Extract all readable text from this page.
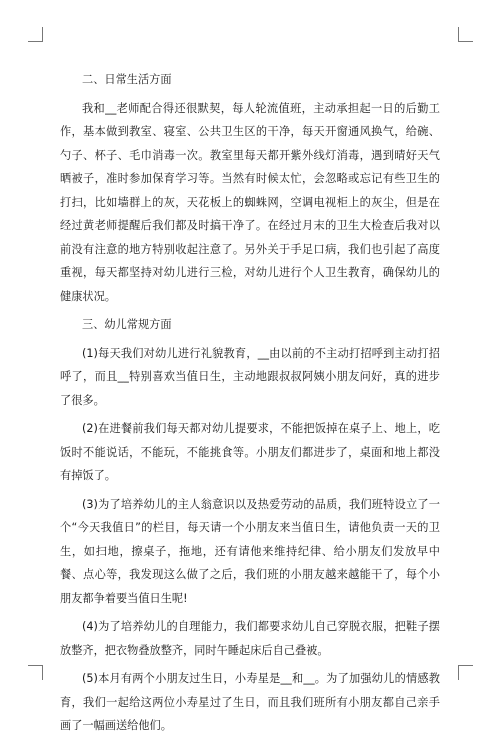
二、日常生活方面

我和__老师配合得还很默契，每人轮流值班，主动承担起一日的后勤工作，基本做到教室、寝室、公共卫生区的干净，每天开窗通风换气，给碗、勺子、杯子、毛巾消毒一次。教室里每天都开紫外线灯消毒，遇到晴好天气晒被子，准时参加保育学习等。当然有时候太忙，会忽略或忘记有些卫生的打扫，比如墙群上的灰，天花板上的蜘蛛网，空调电视柜上的灰尘，但是在经过黄老师提醒后我们都及时搞干净了。在经过月末的卫生大检查后我对以前没有注意的地方特别收起注意了。另外关于手足口病，我们也引起了高度重视，每天都坚持对幼儿进行三检，对幼儿进行个人卫生教育，确保幼儿的健康状况。

三、幼儿常规方面

(1)每天我们对幼儿进行礼貌教育，__由以前的不主动打招呼到主动打招呼了，而且__特别喜欢当值日生，主动地跟叔叔阿姨小朋友问好，真的进步了很多。

(2)在进餐前我们每天都对幼儿提要求，不能把饭掉在桌子上、地上，吃饭时不能说话，不能玩，不能挑食等。小朋友们都进步了，桌面和地上都没有掉饭了。

(3)为了培养幼儿的主人翁意识以及热爱劳动的品质，我们班特设立了一个“今天我值日”的栏目，每天请一个小朋友来当值日生，请他负责一天的卫生，如扫地，擦桌子，拖地，还有请他来维持纪律、给小朋友们发放早中餐、点心等，我发现这么做了之后，我们班的小朋友越来越能干了，每个小朋友都争着要当值日生呢!

(4)为了培养幼儿的自理能力，我们都要求幼儿自己穿脱衣服，把鞋子摆放整齐，把衣物叠放整齐，同时午睡起床后自己叠被。

(5)本月有两个小朋友过生日，小寿星是__和__。为了加强幼儿的情感教育，我们一起给这两位小寿星过了生日，而且我们班所有小朋友都自己亲手画了一幅画送给他们。
